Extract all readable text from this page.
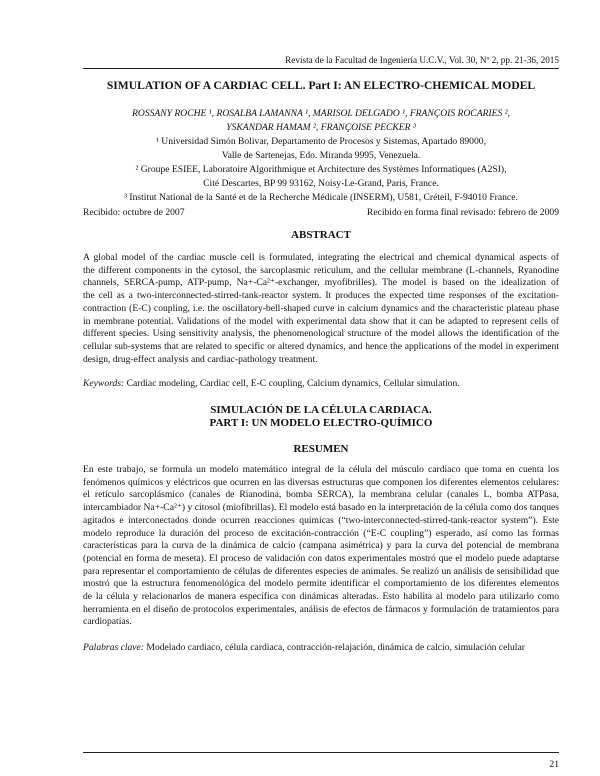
Revista de la Facultad de Ingeniería U.C.V., Vol. 30, Nº 2, pp. 21-36, 2015
SIMULATION OF A CARDIAC CELL. Part I: AN ELECTRO-CHEMICAL MODEL
ROSSANY ROCHE ¹, ROSALBA LAMANNA ¹, MARISOL DELGADO ¹, FRANÇOIS ROCARIES ²,
YSKANDAR HAMAM ², FRANÇOISE PECKER ³
¹ Universidad Simón Bolivar, Departamento de Procesos y Sistemas, Apartado 89000,
Valle de Sartenejas, Edo. Miranda 9995, Venezuela.
² Groupe ESIEE, Laboratoire Algorithmique et Architecture des Systèmes Informatiques (A2SI),
Cité Descartes, BP 99 93162, Noisy-Le-Grand, Paris, France.
³ Institut National de la Santé et de la Recherche Médicale (INSERM), U581, Créteil, F-94010 France.
Recibido: octubre de 2007	Recibido en forma final revisado: febrero de 2009
ABSTRACT
A global model of the cardiac muscle cell is formulated, integrating the electrical and chemical dynamical aspects of
the different components in the cytosol, the sarcoplasmic reticulum, and the cellular membrane (L-channels, Ryanodine
channels, SERCA-pump, ATP-pump, Na+-Ca²⁺-exchanger, myofibrilles). The model is based on the idealization of
the cell as a two-interconnected-stirred-tank-reactor system. It produces the expected time responses of the excitation-
contraction (E-C) coupling, i.e. the oscillatory-bell-shaped curve in calcium dynamics and the characteristic plateau phase
in membrane potential. Validations of the model with experimental data show that it can be adapted to represent cells of
different species. Using sensitivity analysis, the phenomenological structure of the model allows the identification of the
cellular sub-systems that are related to specific or altered dynamics, and hence the applications of the model in experiment
design, drug-effect analysis and cardiac-pathology treatment.
Keywords: Cardiac modeling, Cardiac cell, E-C coupling, Calcium dynamics, Cellular simulation.
SIMULACIÓN DE LA CÉLULA CARDIACA.
PART I: UN MODELO ELECTRO-QUÍMICO
RESUMEN
En este trabajo, se formula un modelo matemático integral de la célula del músculo cardiaco que toma en cuenta los
fenómenos químicos y eléctricos que ocurren en las diversas estructuras que componen los diferentes elementos celulares:
el retículo sarcoplásmico (canales de Rianodina, bomba SERCA), la membrana celular (canales L, bomba ATPasa,
intercambiador Na+-Ca²⁺) y citosol (miofibrillas). El modelo está basado en la interpretación de la célula como dos tanques
agitados e interconectados donde ocurren reacciones químicas (“two-interconnected-stirred-tank-reactor system”). Este
modelo reproduce la duración del proceso de excitación-contracción (“E-C coupling”) esperado, así como las formas
características para la curva de la dinámica de calcio (campana asimétrica) y para la curva del potencial de membrana
(potencial en forma de meseta). El proceso de validación con datos experimentales mostró que el modelo puede adaptarse
para representar el comportamiento de células de diferentes especies de animales. Se realizó un análisis de sensibilidad que
mostró que la estructura fenomenológica del modelo permite identificar el comportamiento de los diferentes elementos
de la célula y relacionarlos de manera específica con dinámicas alteradas. Esto habilita al modelo para utilizarlo como
herramienta en el diseño de protocolos experimentales, análisis de efectos de fármacos y formulación de tratamientos para
cardiopatías.
Palabras clave: Modelado cardiaco, célula cardiaca, contracción-relajación, dinámica de calcio, simulación celular
21
